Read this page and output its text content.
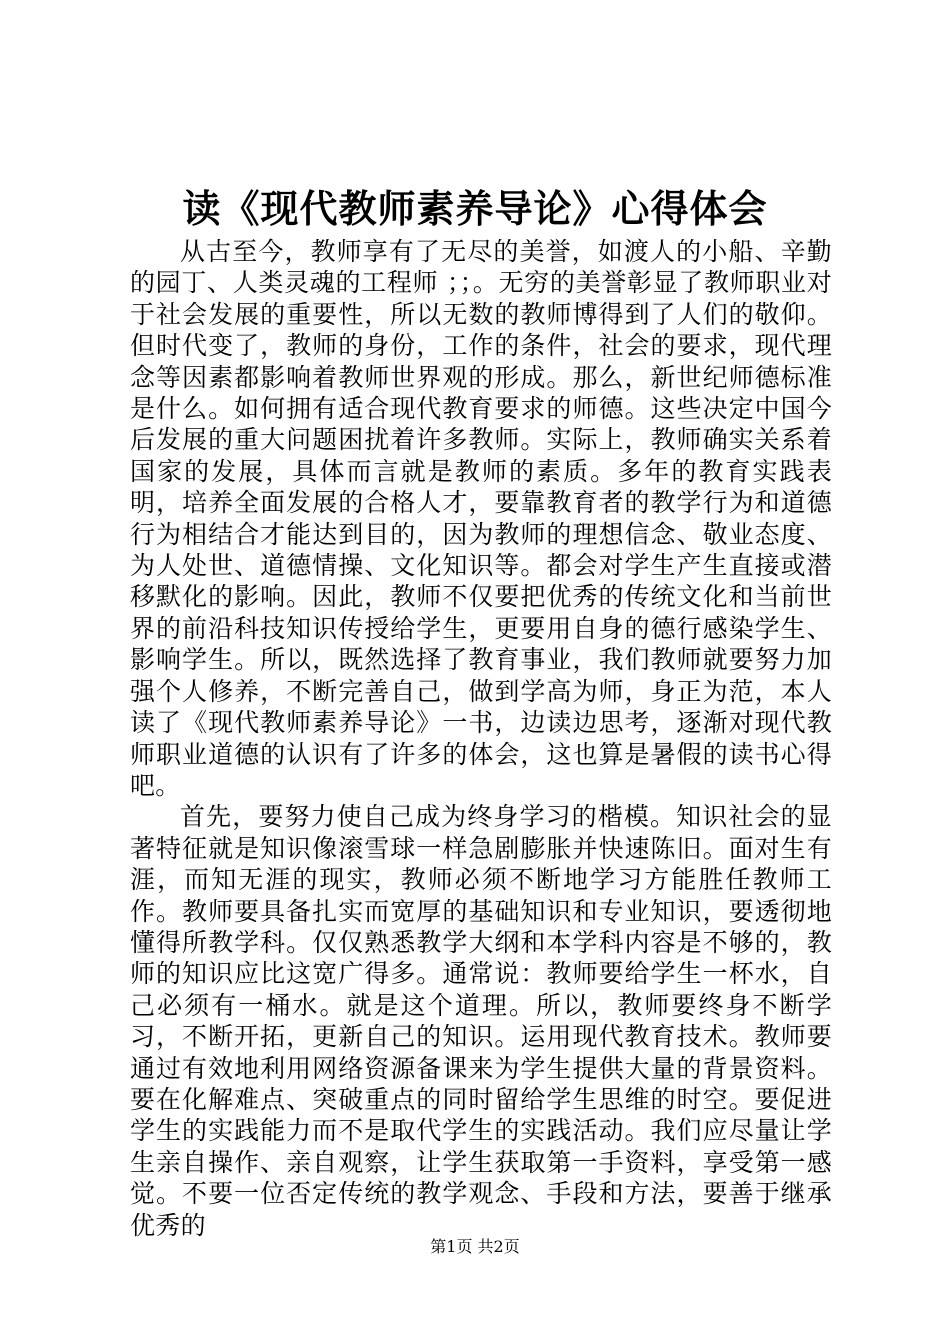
读《现代教师素养导论》心得体会

从古至今，教师享有了无尽的美誉，如渡人的小船、辛勤的园丁、人类灵魂的工程师 ；；。无穷的美誉彰显了教师职业对于社会发展的重要性，所以无数的教师博得到了人们的敬仰。但时代变了，教师的身份，工作的条件，社会的要求，现代理念等因素都影响着教师世界观的形成。那么，新世纪师德标准是什么。如何拥有适合现代教育要求的师德。这些决定中国今后发展的重大问题困扰着许多教师。实际上，教师确实关系着国家的发展，具体而言就是教师的素质。多年的教育实践表明，培养全面发展的合格人才，要靠教育者的教学行为和道德行为相结合才能达到目的，因为教师的理想信念、敬业态度、为人处世、道德情操、文化知识等。都会对学生产生直接或潜移默化的影响。因此，教师不仅要把优秀的传统文化和当前世界的前沿科技知识传授给学生，更要用自身的德行感染学生、影响学生。所以，既然选择了教育事业，我们教师就要努力加强个人修养，不断完善自己，做到学高为师，身正为范，本人读了《现代教师素养导论》一书，边读边思考，逐渐对现代教师职业道德的认识有了许多的体会，这也算是暑假的读书心得吧。

首先，要努力使自己成为终身学习的楷模。知识社会的显著特征就是知识像滚雪球一样急剧膨胀并快速陈旧。面对生有涯，而知无涯的现实，教师必须不断地学习方能胜任教师工作。教师要具备扎实而宽厚的基础知识和专业知识，要透彻地懂得所教学科。仅仅熟悉教学大纲和本学科内容是不够的，教师的知识应比这宽广得多。通常说：教师要给学生一杯水，自己必须有一桶水。就是这个道理。所以，教师要终身不断学习，不断开拓，更新自己的知识。运用现代教育技术。教师要通过有效地利用网络资源备课来为学生提供大量的背景资料。要在化解难点、突破重点的同时留给学生思维的时空。要促进学生的实践能力而不是取代学生的实践活动。我们应尽量让学生亲自操作、亲自观察，让学生获取第一手资料，享受第一感觉。不要一位否定传统的教学观念、手段和方法，要善于继承优秀的

第1页 共2页
